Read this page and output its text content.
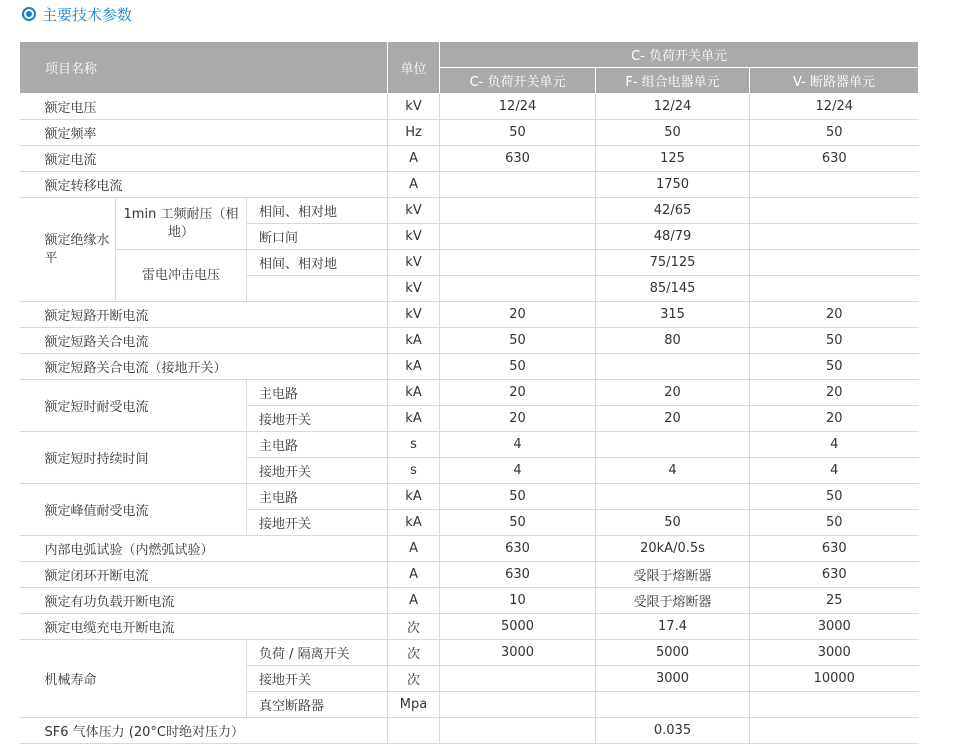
主要技术参数
项目名称			单位	C- 负荷开关单元		
				C- 负荷开关单元	F- 组合电器单元	V- 断路器单元
额定电压			kV	12/24	12/24	12/24
额定频率			Hz	50	50	50
额定电流			A	630	125	630
额定转移电流			A		1750	
额定绝缘水平	1min 工频耐压（相地）	相间、相对地	kV		42/65	
		断口间	kV		48/79	
	雷电冲击电压	相间、相对地	kV		75/125	
			kV		85/145	
额定短路开断电流			kV	20	315	20
额定短路关合电流			kA	50	80	50
额定短路关合电流（接地开关）			kA	50		50
额定短时耐受电流		主电路	kA	20	20	20
		接地开关	kA	20	20	20
额定短时持续时间		主电路	s	4		4
		接地开关	s	4	4	4
额定峰值耐受电流		主电路	kA	50		50
		接地开关	kA	50	50	50
内部电弧试验（内燃弧试验）			A	630	20kA/0.5s	630
额定闭环开断电流			A	630	受限于熔断器	630
额定有功负载开断电流			A	10	受限于熔断器	25
额定电缆充电开断电流			次	5000	17.4	3000
机械寿命		负荷 / 隔离开关	次	3000	5000	3000
		接地开关	次		3000	10000
		真空断路器	Mpa			
SF6 气体压力 (20°C时绝对压力）					0.035	
